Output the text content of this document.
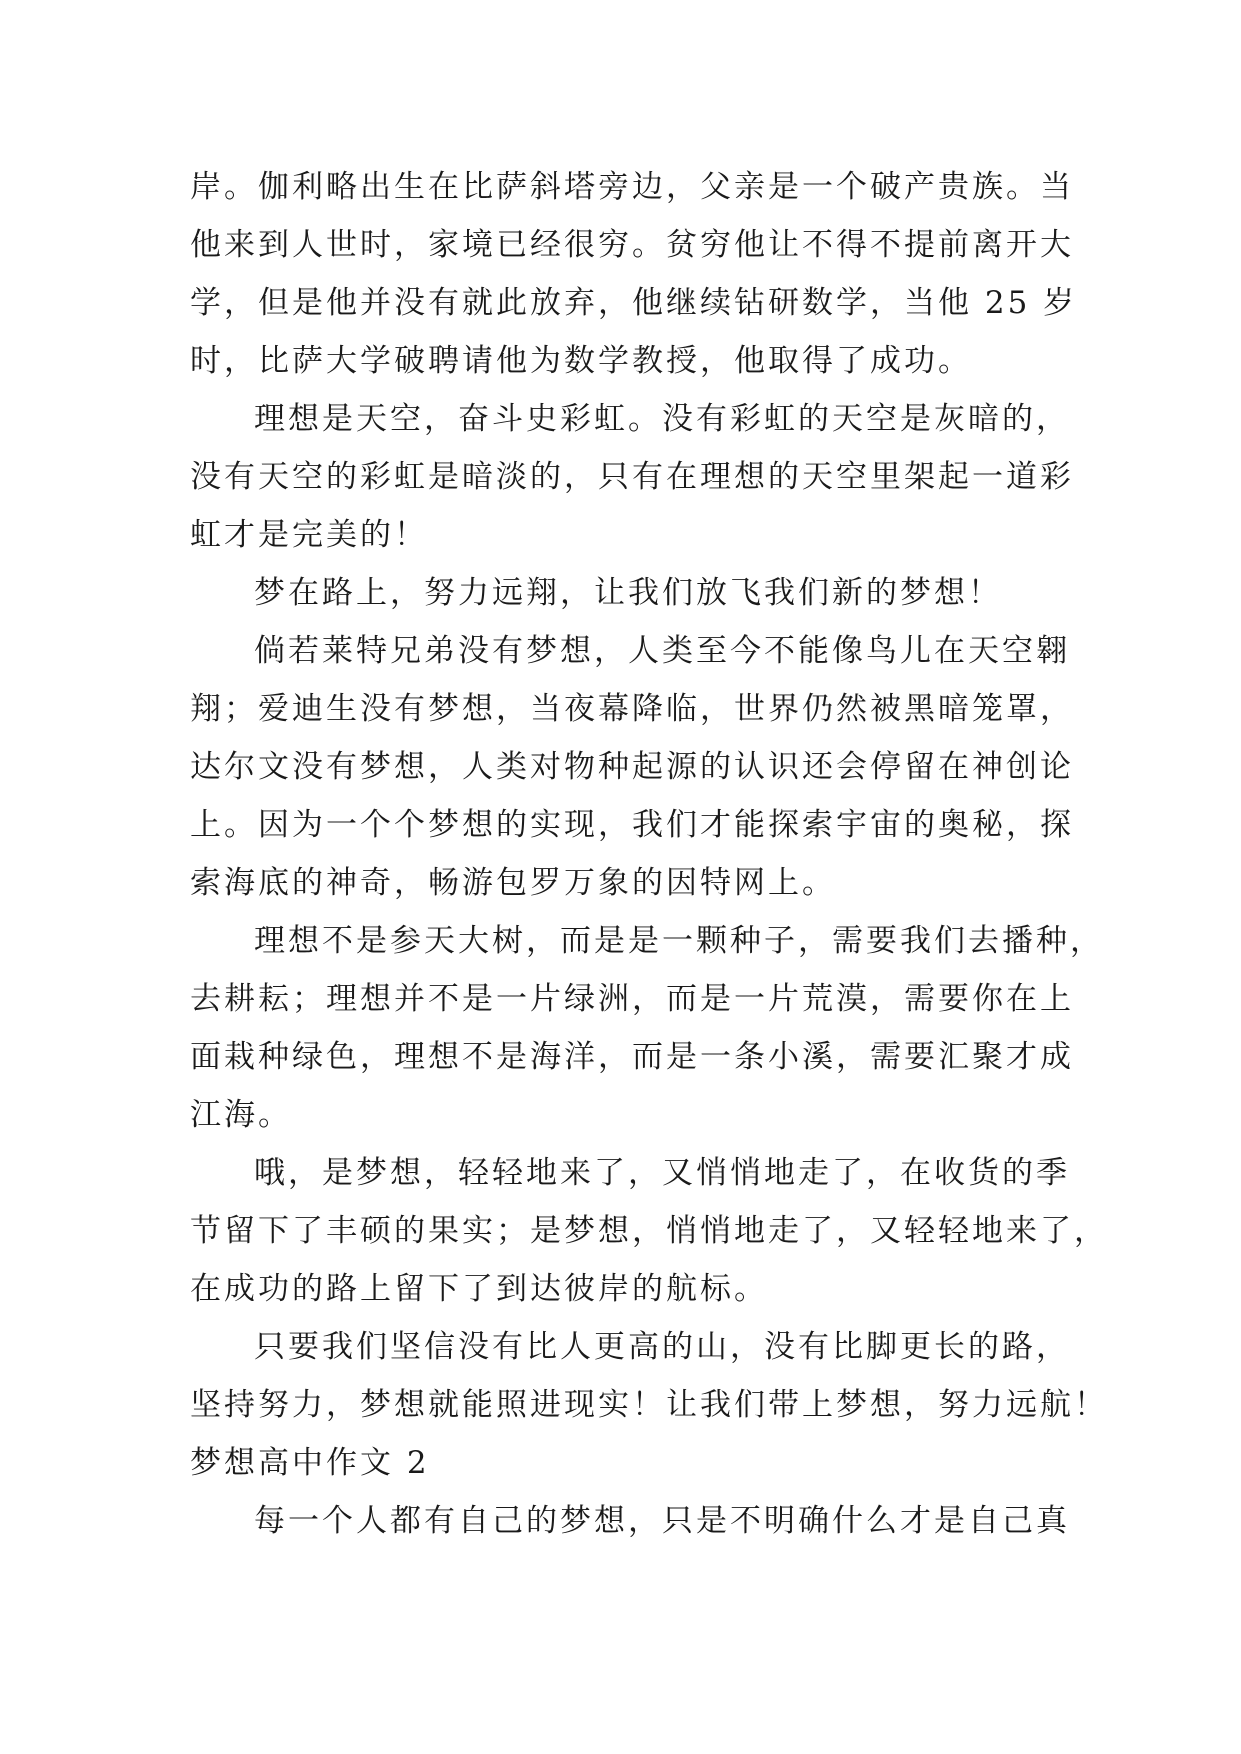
岸。伽利略出生在比萨斜塔旁边，父亲是一个破产贵族。当
他来到人世时，家境已经很穷。贫穷他让不得不提前离开大
学，但是他并没有就此放弃，他继续钻研数学，当他 25 岁
时，比萨大学破聘请他为数学教授，他取得了成功。
理想是天空，奋斗史彩虹。没有彩虹的天空是灰暗的，
没有天空的彩虹是暗淡的，只有在理想的天空里架起一道彩
虹才是完美的！
梦在路上，努力远翔，让我们放飞我们新的梦想！
倘若莱特兄弟没有梦想，人类至今不能像鸟儿在天空翱
翔；爱迪生没有梦想，当夜幕降临，世界仍然被黑暗笼罩，
达尔文没有梦想，人类对物种起源的认识还会停留在神创论
上。因为一个个梦想的实现，我们才能探索宇宙的奥秘，探
索海底的神奇，畅游包罗万象的因特网上。
理想不是参天大树，而是是一颗种子，需要我们去播种，
去耕耘；理想并不是一片绿洲，而是一片荒漠，需要你在上
面栽种绿色，理想不是海洋，而是一条小溪，需要汇聚才成
江海。
哦，是梦想，轻轻地来了，又悄悄地走了，在收货的季
节留下了丰硕的果实；是梦想，悄悄地走了，又轻轻地来了，
在成功的路上留下了到达彼岸的航标。
只要我们坚信没有比人更高的山，没有比脚更长的路，
坚持努力，梦想就能照进现实！让我们带上梦想，努力远航！
梦想高中作文 2
每一个人都有自己的梦想，只是不明确什么才是自己真
